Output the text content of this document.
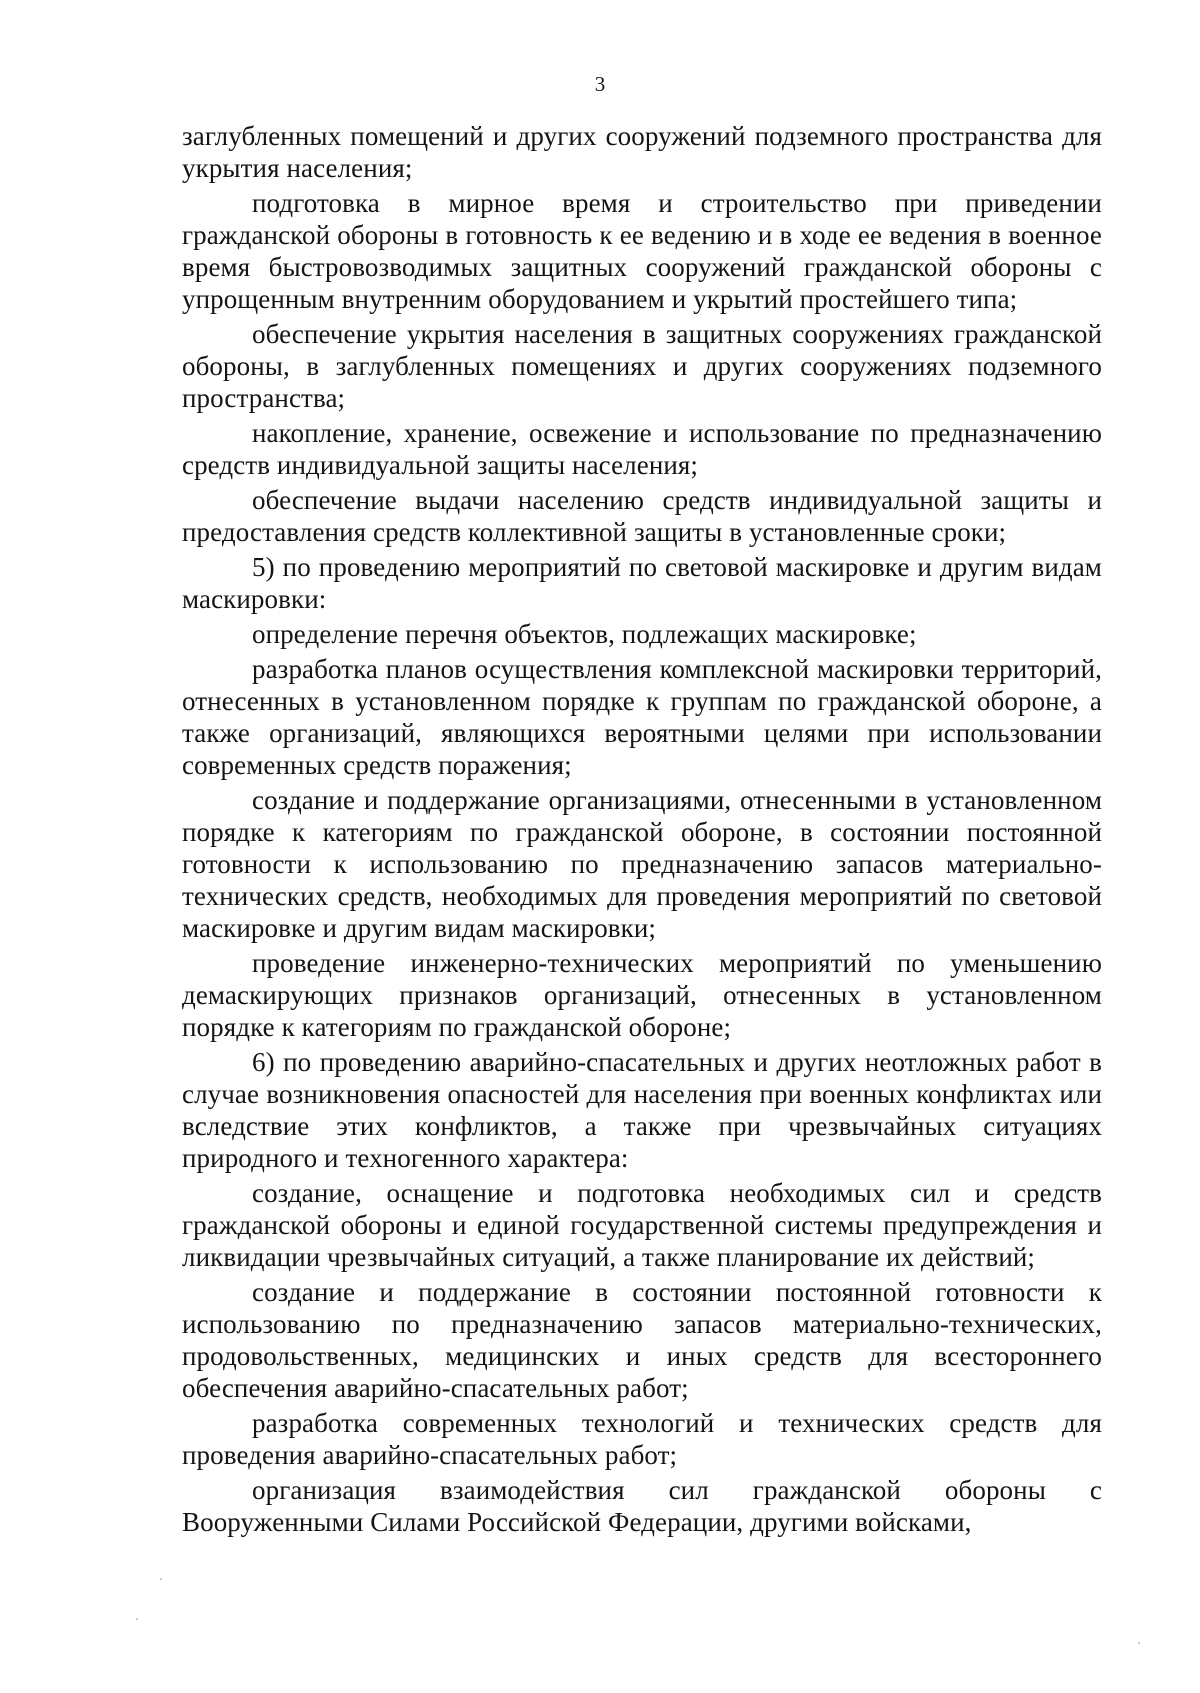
3

заглубленных помещений и других сооружений подземного пространства для укрытия населения;

подготовка в мирное время и строительство при приведении гражданской обороны в готовность к ее ведению и в ходе ее ведения в военное время быстровозводимых защитных сооружений гражданской обороны с упрощенным внутренним оборудованием и укрытий простейшего типа;

обеспечение укрытия населения в защитных сооружениях гражданской обороны, в заглубленных помещениях и других сооружениях подземного пространства;

накопление, хранение, освежение и использование по предназначению средств индивидуальной защиты населения;

обеспечение выдачи населению средств индивидуальной защиты и предоставления средств коллективной защиты в установленные сроки;

5) по проведению мероприятий по световой маскировке и другим видам маскировки:

определение перечня объектов, подлежащих маскировке;

разработка планов осуществления комплексной маскировки территорий, отнесенных в установленном порядке к группам по гражданской обороне, а также организаций, являющихся вероятными целями при использовании современных средств поражения;

создание и поддержание организациями, отнесенными в установленном порядке к категориям по гражданской обороне, в состоянии постоянной готовности к использованию по предназначению запасов материально-технических средств, необходимых для проведения мероприятий по световой маскировке и другим видам маскировки;

проведение инженерно-технических мероприятий по уменьшению демаскирующих признаков организаций, отнесенных в установленном порядке к категориям по гражданской обороне;

6) по проведению аварийно-спасательных и других неотложных работ в случае возникновения опасностей для населения при военных конфликтах или вследствие этих конфликтов, а также при чрезвычайных ситуациях природного и техногенного характера:

создание, оснащение и подготовка необходимых сил и средств гражданской обороны и единой государственной системы предупреждения и ликвидации чрезвычайных ситуаций, а также планирование их действий;

создание и поддержание в состоянии постоянной готовности к использованию по предназначению запасов материально-технических, продовольственных, медицинских и иных средств для всестороннего обеспечения аварийно-спасательных работ;

разработка современных технологий и технических средств для проведения аварийно-спасательных работ;

организация взаимодействия сил гражданской обороны с Вооруженными Силами Российской Федерации, другими войсками,
